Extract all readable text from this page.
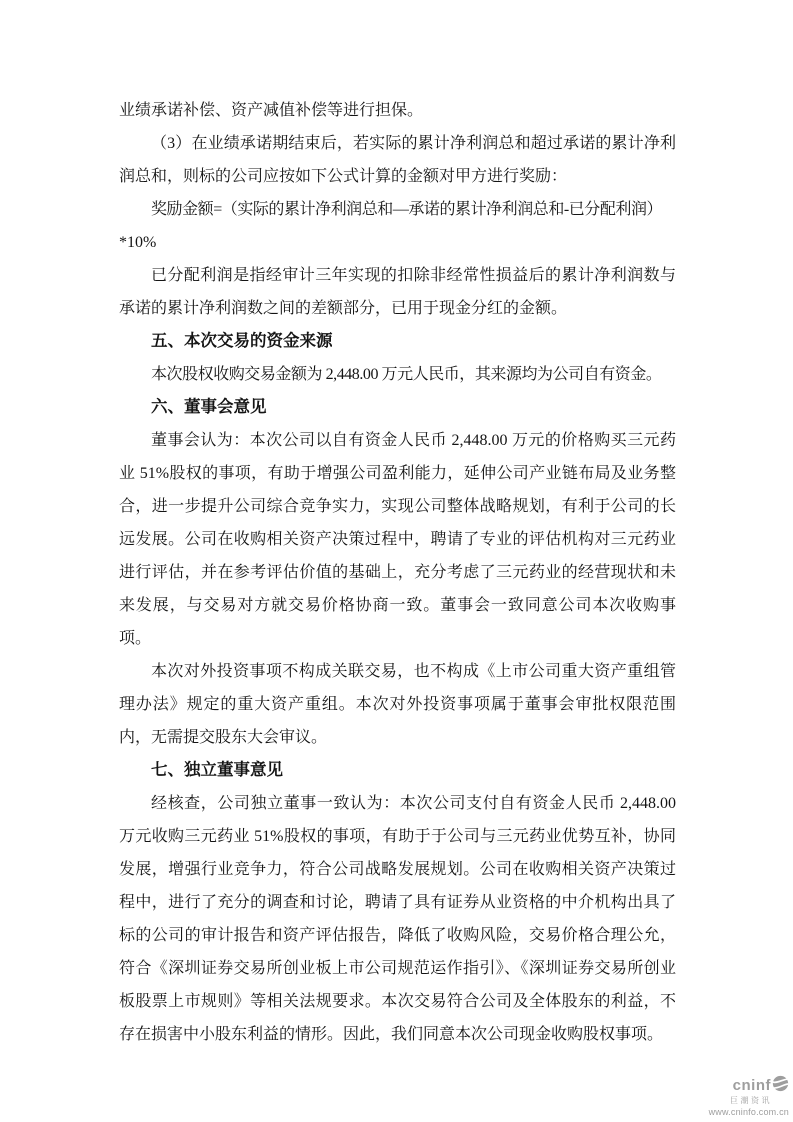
业绩承诺补偿、资产减值补偿等进行担保。

（3）在业绩承诺期结束后，若实际的累计净利润总和超过承诺的累计净利润总和，则标的公司应按如下公式计算的金额对甲方进行奖励：

奖励金额=（实际的累计净利润总和—承诺的累计净利润总和-已分配利润）

*10%

已分配利润是指经审计三年实现的扣除非经常性损益后的累计净利润数与承诺的累计净利润数之间的差额部分，已用于现金分红的金额。

五、本次交易的资金来源

本次股权收购交易金额为 2,448.00 万元人民币，其来源均为公司自有资金。

六、董事会意见

董事会认为：本次公司以自有资金人民币 2,448.00 万元的价格购买三元药业 51%股权的事项，有助于增强公司盈利能力，延伸公司产业链布局及业务整合，进一步提升公司综合竞争实力，实现公司整体战略规划，有利于公司的长远发展。公司在收购相关资产决策过程中，聘请了专业的评估机构对三元药业进行评估，并在参考评估价值的基础上，充分考虑了三元药业的经营现状和未来发展，与交易对方就交易价格协商一致。董事会一致同意公司本次收购事项。

本次对外投资事项不构成关联交易，也不构成《上市公司重大资产重组管理办法》规定的重大资产重组。本次对外投资事项属于董事会审批权限范围内，无需提交股东大会审议。

七、独立董事意见

经核查，公司独立董事一致认为：本次公司支付自有资金人民币 2,448.00 万元收购三元药业 51%股权的事项，有助于于公司与三元药业优势互补，协同发展，增强行业竞争力，符合公司战略发展规划。公司在收购相关资产决策过程中，进行了充分的调查和讨论，聘请了具有证券从业资格的中介机构出具了标的公司的审计报告和资产评估报告，降低了收购风险，交易价格合理公允，符合《深圳证券交易所创业板上市公司规范运作指引》、《深圳证券交易所创业板股票上市规则》等相关法规要求。本次交易符合公司及全体股东的利益，不存在损害中小股东利益的情形。因此，我们同意本次公司现金收购股权事项。

cninf
巨潮资讯
www.cninfo.com.cn
